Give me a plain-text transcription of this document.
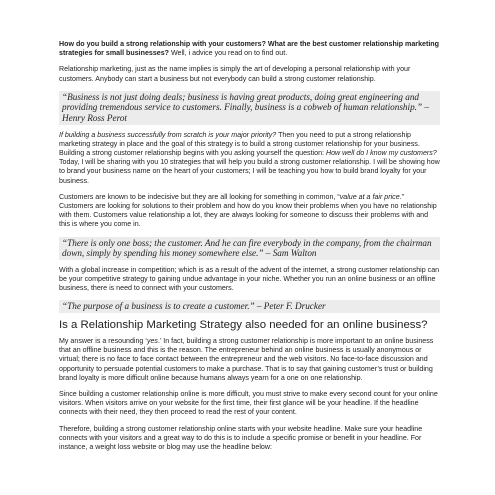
How do you build a strong relationship with your customers? What are the best customer relationship marketing strategies for small businesses? Well, i advice you read on to find out.

Relationship marketing, just as the name implies is simply the art of developing a personal relationship with your customers. Anybody can start a business but not everybody can build a strong customer relationship.

“Business is not just doing deals; business is having great products, doing great engineering and providing tremendous service to customers. Finally, business is a cobweb of human relationship.” – Henry Ross Perot

If building a business successfully from scratch is your major priority? Then you need to put a strong relationship marketing strategy in place and the goal of this strategy is to build a strong customer relationship for your business. Building a strong customer relationship begins with you asking yourself the question: How well do I know my customers? Today, I will be sharing with you 10 strategies that will help you build a strong customer relationship. I will be showing how to brand your business name on the heart of your customers; I will be teaching you how to build brand loyalty for your business.

Customers are known to be indecisive but they are all looking for something in common, “value at a fair price.” Customers are looking for solutions to their problem and how do you know their problems when you have no relationship with them. Customers value relationship a lot, they are always looking for someone to discuss their problems with and this is where you come in.

“There is only one boss; the customer. And he can fire everybody in the company, from the chairman down, simply by spending his money somewhere else.” – Sam Walton

With a global increase in competition; which is as a result of the advent of the internet, a strong customer relationship can be your competitive strategy to gaining undue advantage in your niche. Whether you run an online business or an offline business, there is need to connect with your customers.

“The purpose of a business is to create a customer.” – Peter F. Drucker
Is a Relationship Marketing Strategy also needed for an online business?

My answer is a resounding ‘yes.’ In fact, building a strong customer relationship is more important to an online business that an offline business and this is the reason. The entrepreneur behind an online business is usually anonymous or virtual; there is no face to face contact between the entrepreneur and the web visitors. No face-to-face discussion and opportunity to persuade potential customers to make a purchase. That is to say that gaining customer’s trust or building brand loyalty is more difficult online because humans always yearn for a one on one relationship.

Since building a customer relationship online is more difficult, you must strive to make every second count for your online visitors. When visitors arrive on your website for the first time, their first glance will be your headline. If the headline connects with their need, they then proceed to read the rest of your content.

Therefore, building a strong customer relationship online starts with your website headline. Make sure your headline connects with your visitors and a great way to do this is to include a specific promise or benefit in your headline. For instance, a weight loss website or blog may use the headline below:
